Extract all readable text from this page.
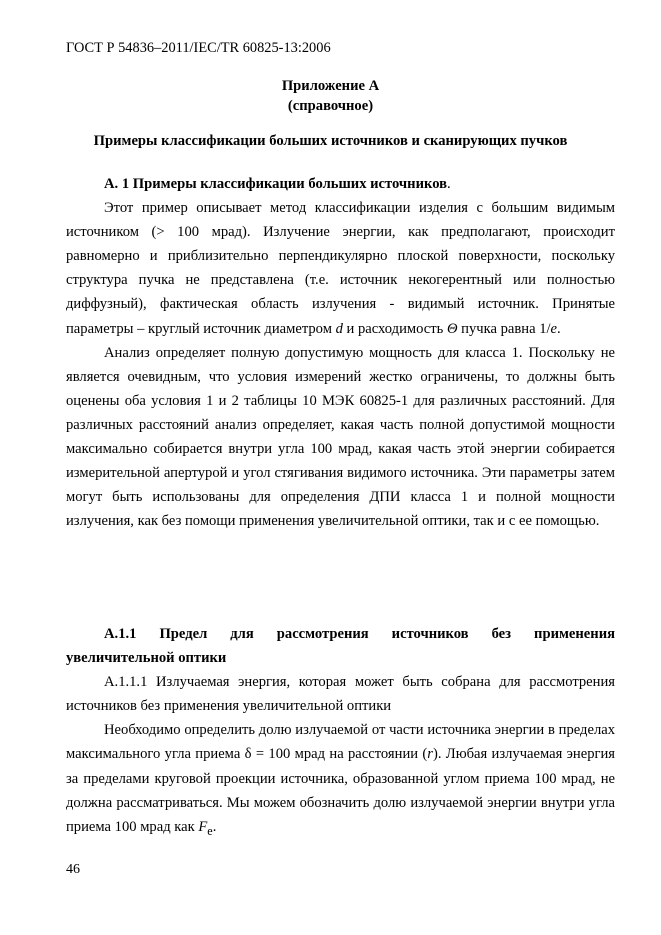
ГОСТ Р 54836–2011/IEC/TR 60825-13:2006
Приложение А
(справочное)
Примеры классификации больших источников и сканирующих пучков

А. 1 Примеры классификации больших источников.

Этот пример описывает метод классификации изделия с большим видимым источником (> 100 мрад). Излучение энергии, как предполагают, происходит равномерно и приблизительно перпендикулярно плоской поверхности, поскольку структура пучка не представлена (т.е. источник некогерентный или полностью диффузный), фактическая область излучения - видимый источник. Принятые параметры – круглый источник диаметром d и расходимость Θ пучка равна 1/e.

Анализ определяет полную допустимую мощность для класса 1. Поскольку не является очевидным, что условия измерений жестко ограничены, то должны быть оценены оба условия 1 и 2 таблицы 10 МЭК 60825-1 для различных расстояний. Для различных расстояний анализ определяет, какая часть полной допустимой мощности максимально собирается внутри угла 100 мрад, какая часть этой энергии собирается измерительной апертурой и угол стягивания видимого источника. Эти параметры затем могут быть использованы для определения ДПИ класса 1 и полной мощности излучения, как без помощи применения увеличительной оптики, так и с ее помощью.

А.1.1 Предел для рассмотрения источников без применения

увеличительной оптики

А.1.1.1 Излучаемая энергия, которая может быть собрана для рассмотрения источников без применения увеличительной оптики

Необходимо определить долю излучаемой от части источника энергии в пределах максимального угла приема δ = 100 мрад на расстоянии (r). Любая излучаемая энергия за пределами круговой проекции источника, образованной углом приема 100 мрад, не должна рассматриваться. Мы можем обозначить долю излучаемой энергии внутри угла приема 100 мрад как $F_e$.

46
